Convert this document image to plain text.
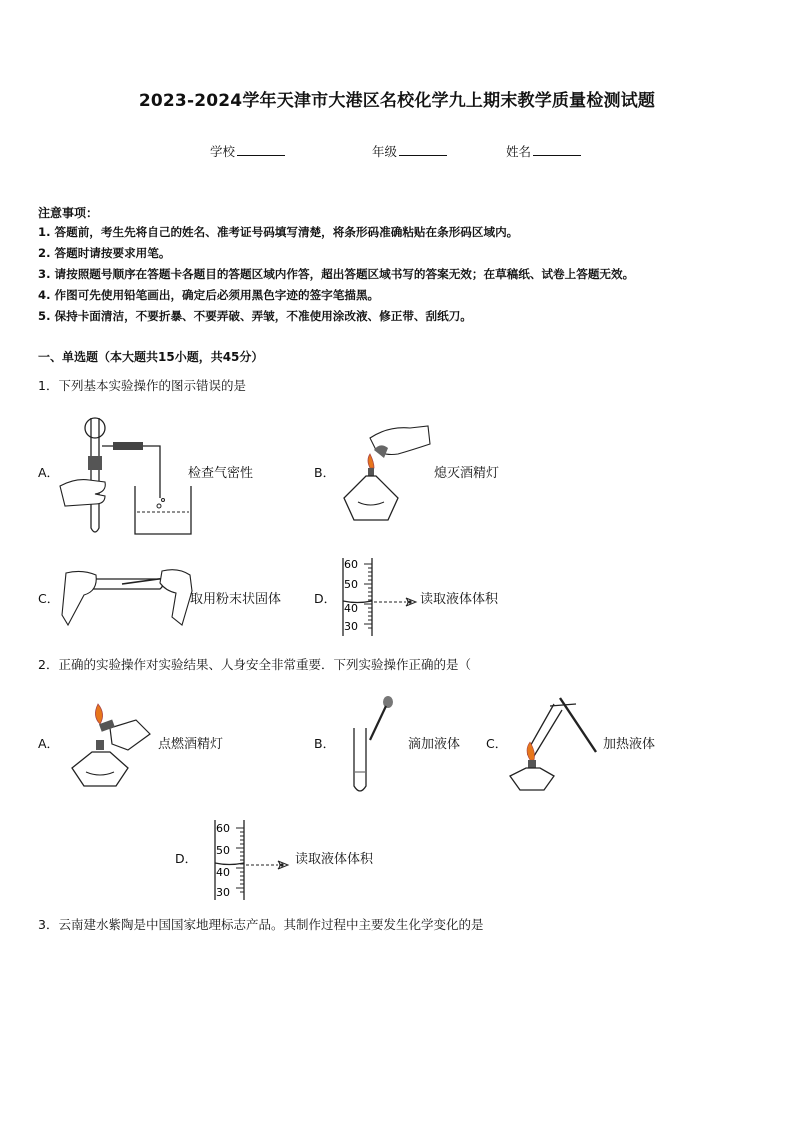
2023-2024学年天津市大港区名校化学九上期末教学质量检测试题
学校	年级	姓名
注意事项：
1. 答题前，考生先将自己的姓名、准考证号码填写清楚，将条形码准确粘贴在条形码区域内。
2. 答题时请按要求用笔。
3. 请按照题号顺序在答题卡各题目的答题区域内作答，超出答题区域书写的答案无效；在草稿纸、试卷上答题无效。
4. 作图可先使用铅笔画出，确定后必须用黑色字迹的签字笔描黑。
5. 保持卡面清洁，不要折暴、不要弄破、弄皱，不准使用涂改液、修正带、刮纸刀。
一、单选题（本大题共15小题，共45分）
1．下列基本实验操作的图示错误的是
A．	检查气密性	B．	熄灭酒精灯
C．	取用粉末状固体	D．
60
50
40
30
读取液体体积
2．正确的实验操作对实验结果、人身安全非常重要．下列实验操作正确的是（
A．	点燃酒精灯	B．	滴加液体 C．	加热液体
D．
60
50
40
30
读取液体体积
3．云南建水紫陶是中国国家地理标志产品。其制作过程中主要发生化学变化的是
